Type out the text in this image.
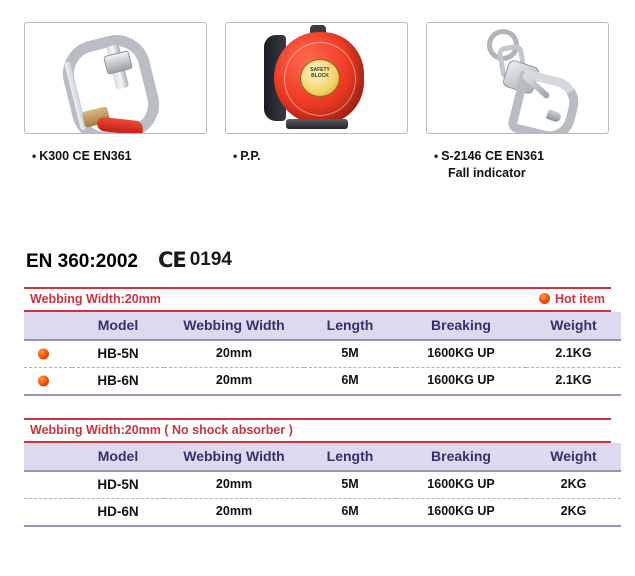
• K300 CE EN361
SAFETY BLOCK
• P.P.	• S-2146 CE EN361
Fall indicator
EN 360:2002 CE 0194
Webbing Width:20mm	Hot item
	Model	Webbing Width	Length	Breaking	Weight

	HB-5N	20mm	5M	1600KG UP	2.1KG

	HB-6N	20mm	6M	1600KG UP	2.1KG
Webbing Width:20mm ( No shock absorber )
	Model	Webbing Width	Length	Breaking	Weight
	HD-5N	20mm	5M	1600KG UP	2KG
	HD-6N	20mm	6M	1600KG UP	2KG
